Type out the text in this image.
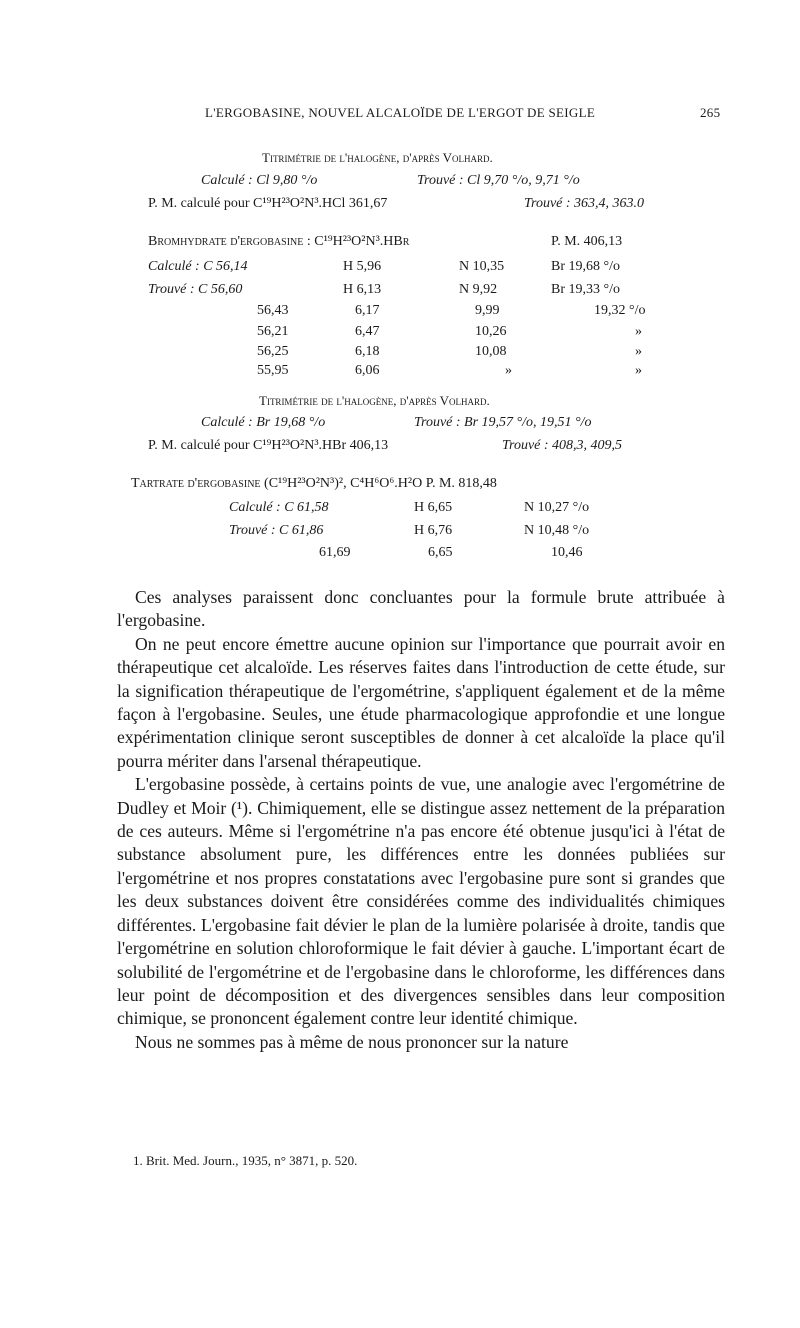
L'ERGOBASINE, NOUVEL ALCALOÏDE DE L'ERGOT DE SEIGLE	265
Titrimétrie de l'halogène, d'après Volhard.
Calculé : Cl 9,80 °/o	Trouvé : Cl 9,70 °/o, 9,71 °/o
P. M. calculé pour C¹⁹H²³O²N³.HCl 361,67	Trouvé : 363,4, 363.0
Bromhydrate d'ergobasine : C¹⁹H²³O²N³.HBr	P. M. 406,13
Calculé : C 56,14	H 5,96	N 10,35	Br 19,68 °/o
Trouvé : C 56,60	H 6,13	N 9,92	Br 19,33 °/o
56,43	6,17	9,99	19,32 °/o
56,21	6,47	10,26	»
56,25	6,18	10,08	»
55,95	6,06	»	»
Titrimétrie de l'halogène, d'après Volhard.
Calculé : Br 19,68 °/o	Trouvé : Br 19,57 °/o, 19,51 °/o
P. M. calculé pour C¹⁹H²³O²N³.HBr 406,13	Trouvé : 408,3, 409,5
Tartrate d'ergobasine (C¹⁹H²³O²N³)², C⁴H⁶O⁶.H²O P. M. 818,48
Calculé : C 61,58	H 6,65	N 10,27 °/o
Trouvé : C 61,86	H 6,76	N 10,48 °/o
61,69	6,65	10,46

Ces analyses paraissent donc concluantes pour la formule brute attribuée à l'ergobasine.

On ne peut encore émettre aucune opinion sur l'importance que pourrait avoir en thérapeutique cet alcaloïde. Les réserves faites dans l'introduction de cette étude, sur la signification thérapeutique de l'ergométrine, s'appliquent également et de la même façon à l'ergobasine. Seules, une étude pharmacologique approfondie et une longue expérimentation clinique seront susceptibles de donner à cet alcaloïde la place qu'il pourra mériter dans l'arsenal thérapeutique.

L'ergobasine possède, à certains points de vue, une analogie avec l'ergométrine de Dudley et Moir (¹). Chimiquement, elle se distingue assez nettement de la préparation de ces auteurs. Même si l'ergométrine n'a pas encore été obtenue jusqu'ici à l'état de substance absolument pure, les différences entre les données publiées sur l'ergométrine et nos propres constatations avec l'ergobasine pure sont si grandes que les deux substances doivent être considérées comme des individualités chimiques différentes. L'ergobasine fait dévier le plan de la lumière polarisée à droite, tandis que l'ergométrine en solution chloroformique le fait dévier à gauche. L'important écart de solubilité de l'ergométrine et de l'ergobasine dans le chloroforme, les différences dans leur point de décomposition et des divergences sensibles dans leur composition chimique, se prononcent également contre leur identité chimique.

Nous ne sommes pas à même de nous prononcer sur la nature

1. Brit. Med. Journ., 1935, n° 3871, p. 520.
